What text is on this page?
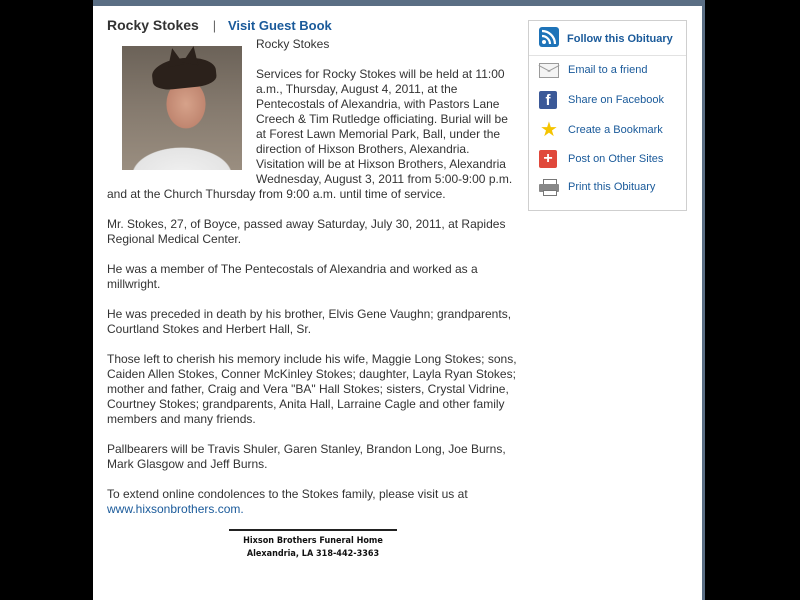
Rocky Stokes | Visit Guest Book

Rocky Stokes

Services for Rocky Stokes will be held at 11:00 a.m., Thursday, August 4, 2011, at the Pentecostals of Alexandria, with Pastors Lane Creech & Tim Rutledge officiating. Burial will be at Forest Lawn Memorial Park, Ball, under the direction of Hixson Brothers, Alexandria. Visitation will be at Hixson Brothers, Alexandria Wednesday, August 3, 2011 from 5:00-9:00 p.m. and at the Church Thursday from 9:00 a.m. until time of service.

Mr. Stokes, 27, of Boyce, passed away Saturday, July 30, 2011, at Rapides Regional Medical Center.

He was a member of The Pentecostals of Alexandria and worked as a millwright.

He was preceded in death by his brother, Elvis Gene Vaughn; grandparents, Courtland Stokes and Herbert Hall, Sr.

Those left to cherish his memory include his wife, Maggie Long Stokes; sons, Caiden Allen Stokes, Conner McKinley Stokes; daughter, Layla Ryan Stokes; mother and father, Craig and Vera "BA" Hall Stokes; sisters, Crystal Vidrine, Courtney Stokes; grandparents, Anita Hall, Larraine Cagle and other family members and many friends.

Pallbearers will be Travis Shuler, Garen Stanley, Brandon Long, Joe Burns, Mark Glasgow and Jeff Burns.

To extend online condolences to the Stokes family, please visit us at
www.hixsonbrothers.com.

Follow this Obituary
Email to a friend
f	Share on Facebook
★ Create a Bookmark
+	Post on Other Sites
Print this Obituary
Hixson Brothers Funeral Home
Alexandria, LA 318-442-3363
